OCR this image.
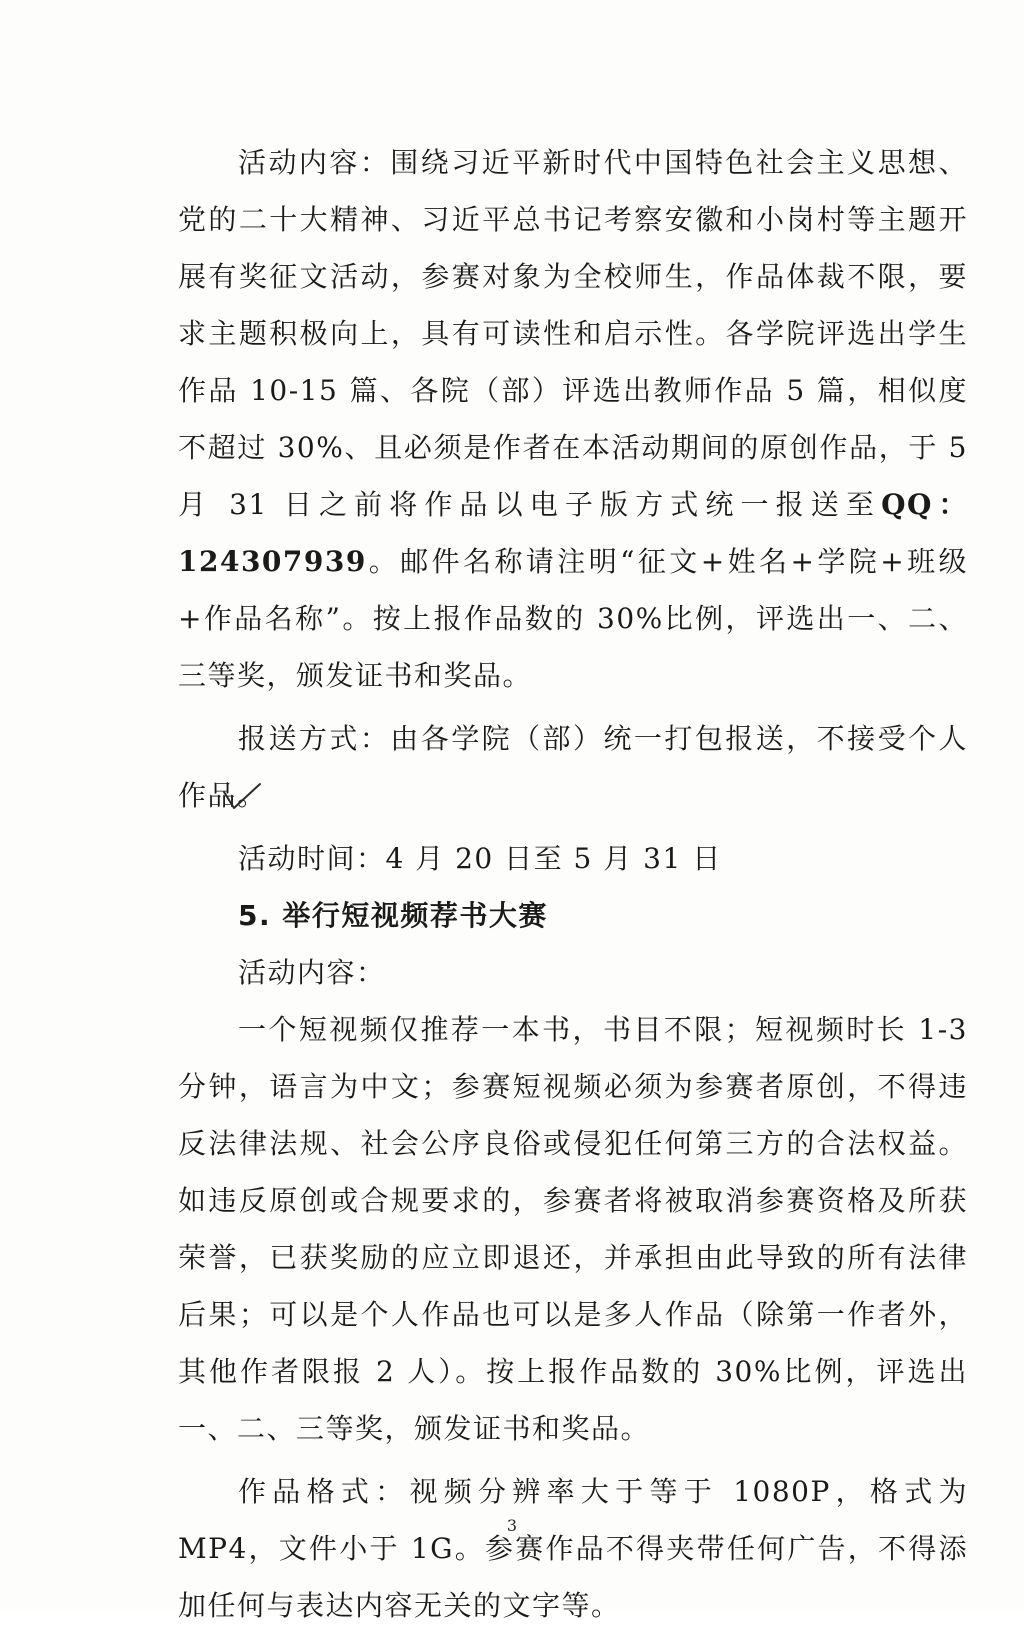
活动内容：围绕习近平新时代中国特色社会主义思想、党的二十大精神、习近平总书记考察安徽和小岗村等主题开展有奖征文活动，参赛对象为全校师生，作品体裁不限，要求主题积极向上，具有可读性和启示性。各学院评选出学生作品 10-15 篇、各院（部）评选出教师作品 5 篇，相似度不超过 30%、且必须是作者在本活动期间的原创作品，于 5 月 31 日之前将作品以电子版方式统一报送至QQ：124307939。邮件名称请注明“征文+姓名+学院+班级+作品名称”。按上报作品数的 30%比例，评选出一、二、三等奖，颁发证书和奖品。

报送方式：由各学院（部）统一打包报送，不接受个人作品。

活动时间：4 月 20 日至 5 月 31 日

5. 举行短视频荐书大赛

活动内容：

一个短视频仅推荐一本书，书目不限；短视频时长 1-3 分钟，语言为中文；参赛短视频必须为参赛者原创，不得违反法律法规、社会公序良俗或侵犯任何第三方的合法权益。如违反原创或合规要求的，参赛者将被取消参赛资格及所获荣誉，已获奖励的应立即退还，并承担由此导致的所有法律后果；可以是个人作品也可以是多人作品（除第一作者外，其他作者限报 2 人）。按上报作品数的 30%比例，评选出一、二、三等奖，颁发证书和奖品。

作品格式：视频分辨率大于等于 1080P，格式为 MP4，文件小于 1G。参赛作品不得夹带任何广告，不得添加任何与表达内容无关的文字等。

3
